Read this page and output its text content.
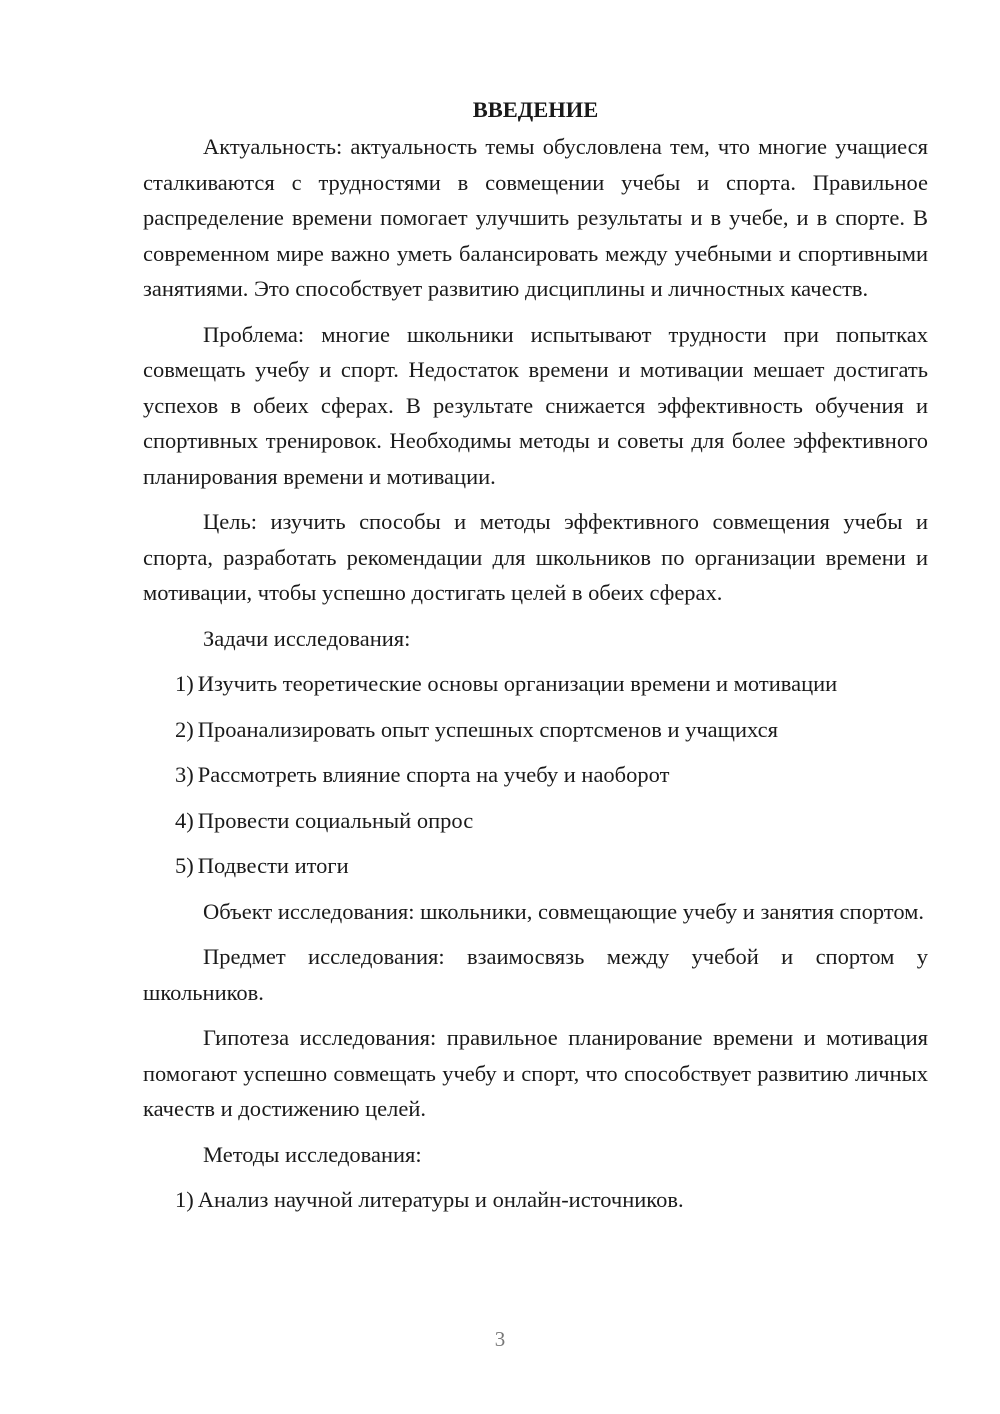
ВВЕДЕНИЕ

Актуальность: актуальность темы обусловлена тем, что многие учащиеся сталкиваются с трудностями в совмещении учебы и спорта. Правильное распределение времени помогает улучшить результаты и в учебе, и в спорте. В современном мире важно уметь балансировать между учебными и спортивными занятиями. Это способствует развитию дисциплины и личностных качеств.

Проблема: многие школьники испытывают трудности при попытках совмещать учебу и спорт. Недостаток времени и мотивации мешает достигать успехов в обеих сферах. В результате снижается эффективность обучения и спортивных тренировок. Необходимы методы и советы для более эффективного планирования времени и мотивации.

Цель: изучить способы и методы эффективного совмещения учебы и спорта, разработать рекомендации для школьников по организации времени и мотивации, чтобы успешно достигать целей в обеих сферах.

Задачи исследования:

1) Изучить теоретические основы организации времени и мотивации
2) Проанализировать опыт успешных спортсменов и учащихся
3) Рассмотреть влияние спорта на учебу и наоборот
4) Провести социальный опрос
5) Подвести итоги

Объект исследования: школьники, совмещающие учебу и занятия спортом.

Предмет исследования: взаимосвязь между учебой и спортом у школьников.

Гипотеза исследования: правильное планирование времени и мотивация помогают успешно совмещать учебу и спорт, что способствует развитию личных качеств и достижению целей.

Методы исследования:

1) Анализ научной литературы и онлайн-источников.
3
